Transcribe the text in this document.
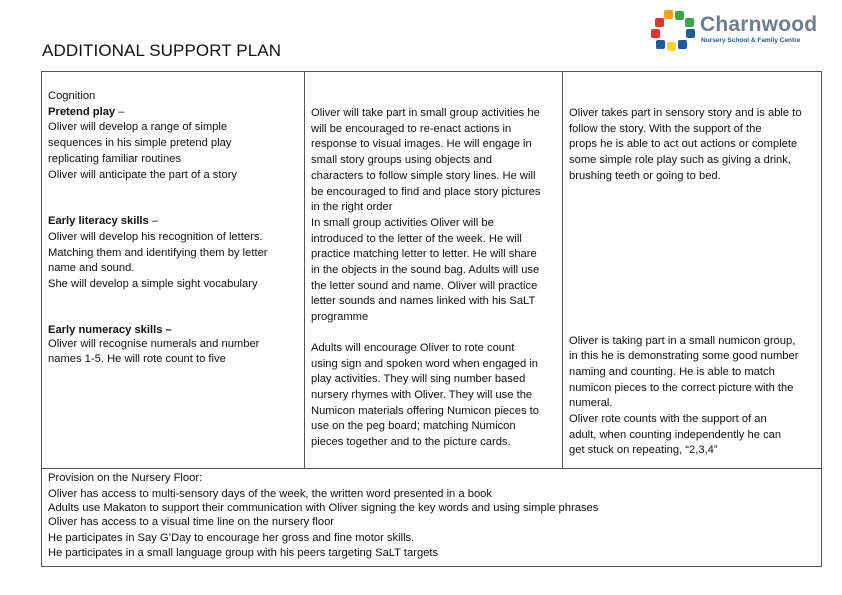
Charnwood
Nursery School & Family Centre
ADDITIONAL SUPPORT PLAN
Cognition
Pretend play –
Oliver will develop a range of simple
sequences in his simple pretend play
replicating familiar routines
Oliver will anticipate the part of a story
Early literacy skills –
Oliver will develop his recognition of letters.
Matching them and identifying them by letter
name and sound.
She will develop a simple sight vocabulary
Early numeracy skills –
Oliver will recognise numerals and number
names 1-5. He will rote count to five
Oliver will take part in small group activities he
will be encouraged to re-enact actions in
response to visual images. He will engage in
small story groups using objects and
characters to follow simple story lines. He will
be encouraged to find and place story pictures
in the right order
In small group activities Oliver will be
introduced to the letter of the week. He will
practice matching letter to letter. He will share
in the objects in the sound bag. Adults will use
the letter sound and name. Oliver will practice
letter sounds and names linked with his SaLT
programme
Adults will encourage Oliver to rote count
using sign and spoken word when engaged in
play activities. They will sing number based
nursery rhymes with Oliver. They will use the
Numicon materials offering Numicon pieces to
use on the peg board; matching Numicon
pieces together and to the picture cards.
Oliver takes part in sensory story and is able to
follow the story. With the support of the
props he is able to act out actions or complete
some simple role play such as giving a drink,
brushing teeth or going to bed.
Oliver is taking part in a small numicon group,
in this he is demonstrating some good number
naming and counting. He is able to match
numicon pieces to the correct picture with the
numeral.
Oliver rote counts with the support of an
adult, when counting independently he can
get stuck on repeating, “2,3,4”
Provision on the Nursery Floor:
Oliver has access to multi-sensory days of the week, the written word presented in a book
Adults use Makaton to support their communication with Oliver signing the key words and using simple phrases
Oliver has access to a visual time line on the nursery floor
He participates in Say G’Day to encourage her gross and fine motor skills.
He participates in a small language group with his peers targeting SaLT targets
